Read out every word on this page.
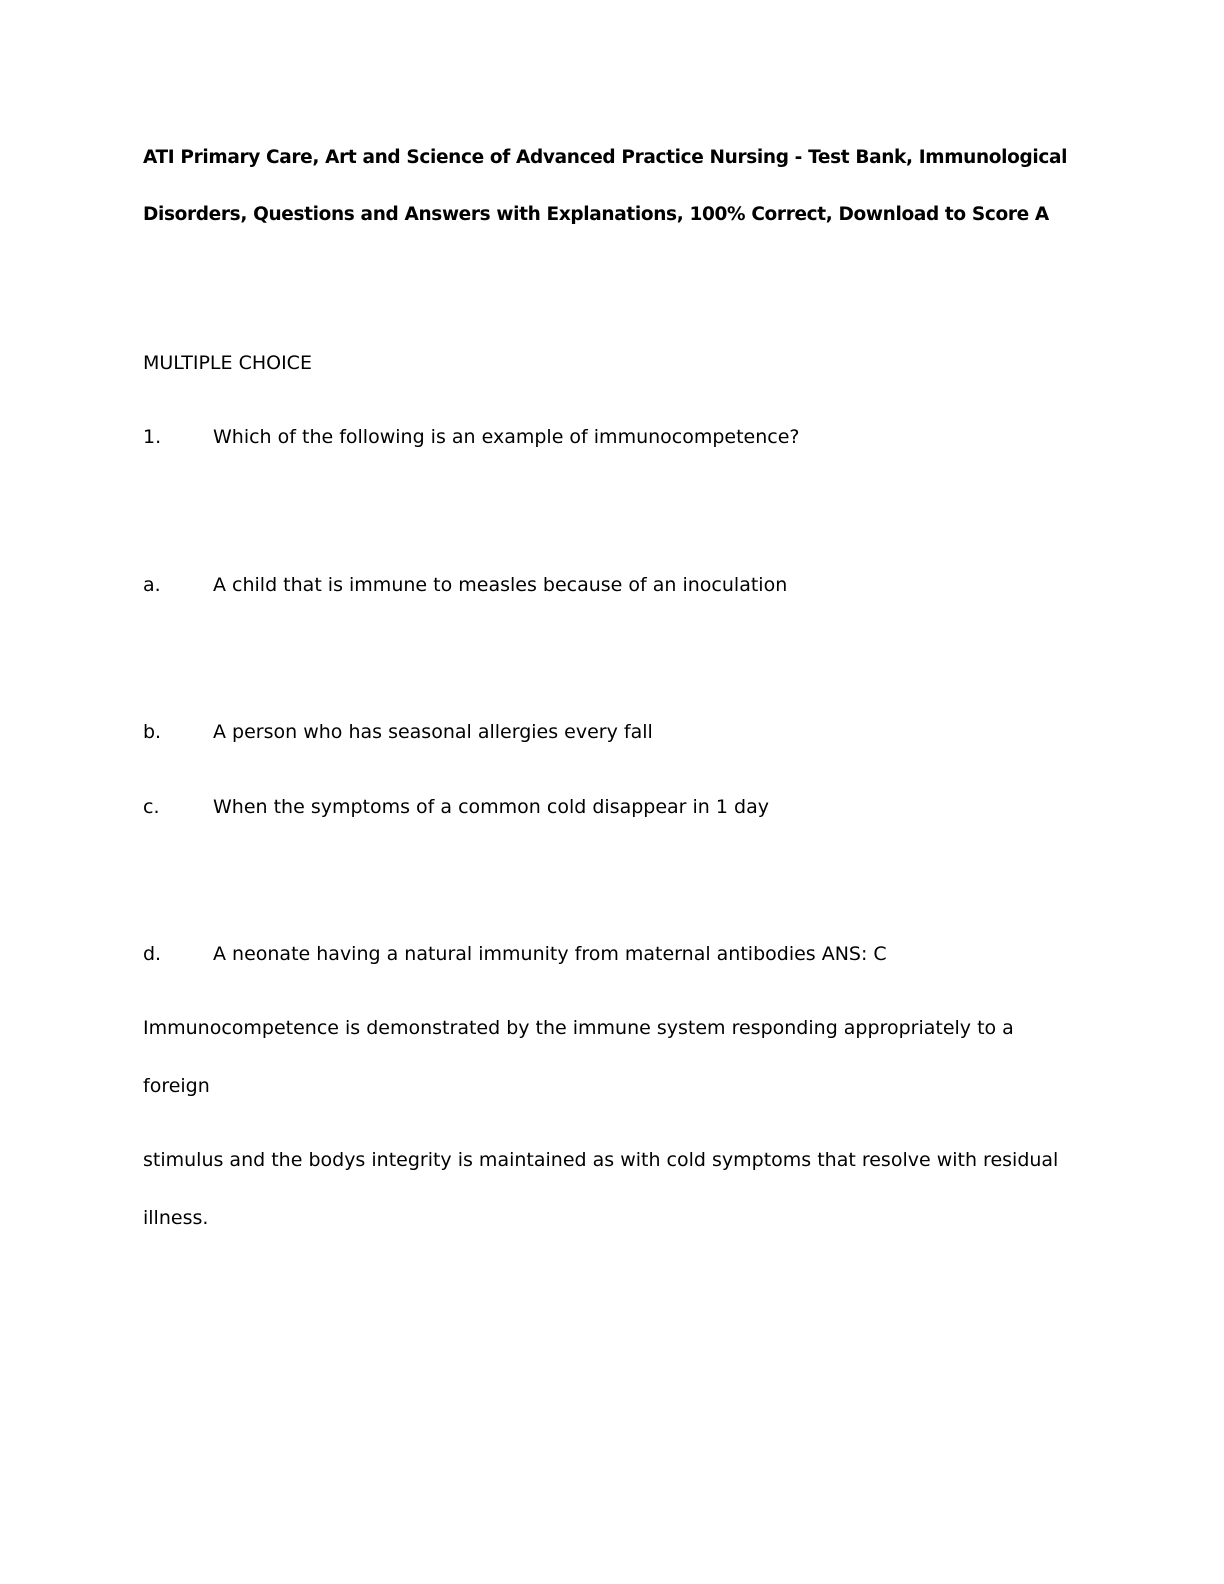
ATI Primary Care, Art and Science of Advanced Practice Nursing - Test Bank, Immunological
Disorders, Questions and Answers with Explanations, 100% Correct, Download to Score A
MULTIPLE CHOICE
1.	Which of the following is an example of immunocompetence?
a.	A child that is immune to measles because of an inoculation
b.	A person who has seasonal allergies every fall
c.	When the symptoms of a common cold disappear in 1 day
d.	A neonate having a natural immunity from maternal antibodies ANS: C
Immunocompetence is demonstrated by the immune system responding appropriately to a
foreign
stimulus and the bodys integrity is maintained as with cold symptoms that resolve with residual
illness.
